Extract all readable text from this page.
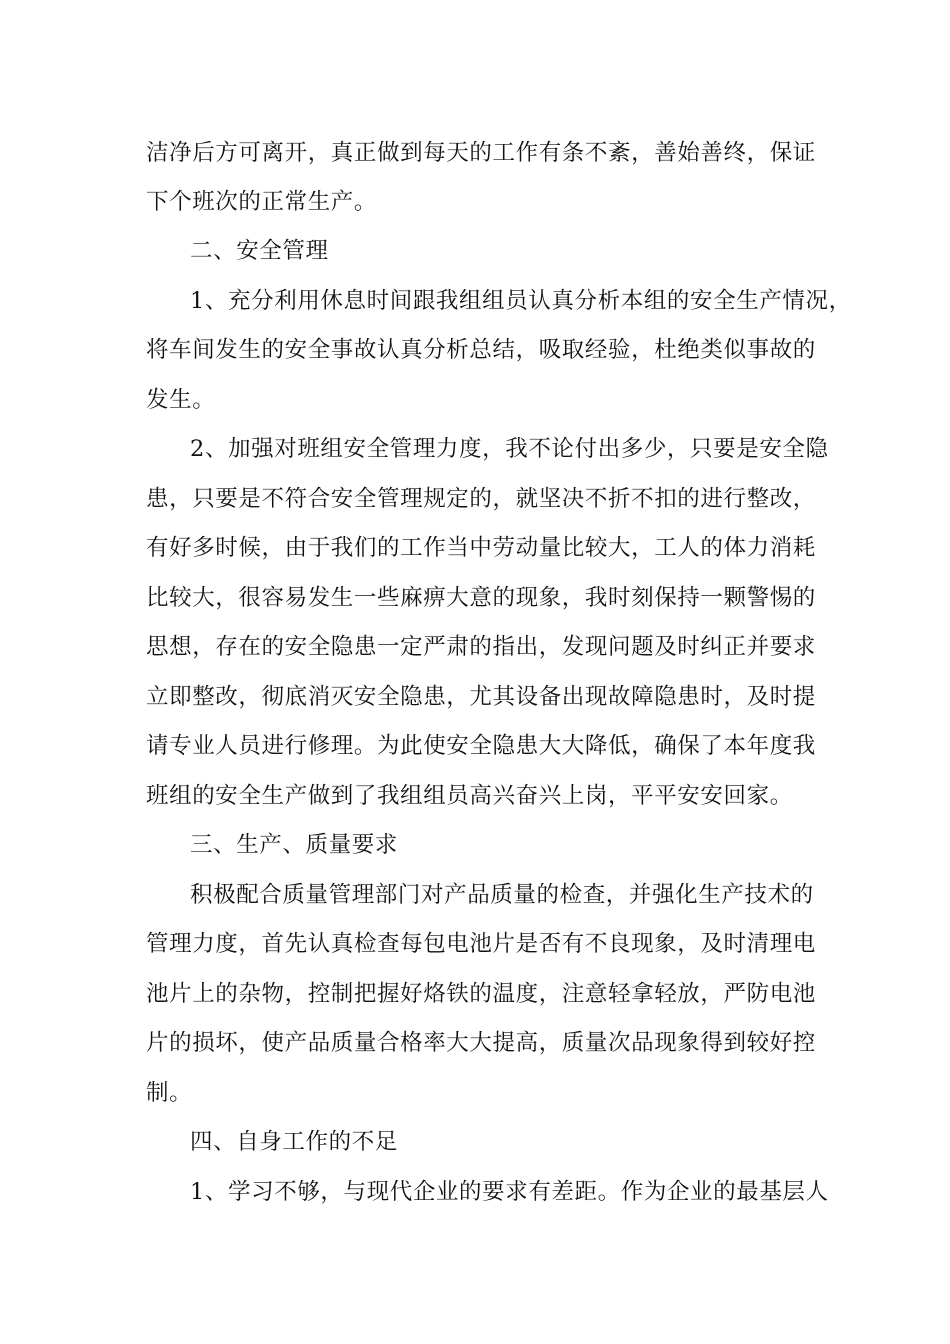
洁净后方可离开，真正做到每天的工作有条不紊，善始善终，保证
下个班次的正常生产。
二、安全管理
1、充分利用休息时间跟我组组员认真分析本组的安全生产情况，
将车间发生的安全事故认真分析总结，吸取经验，杜绝类似事故的
发生。
2、加强对班组安全管理力度，我不论付出多少，只要是安全隐
患，只要是不符合安全管理规定的，就坚决不折不扣的进行整改，
有好多时候，由于我们的工作当中劳动量比较大，工人的体力消耗
比较大，很容易发生一些麻痹大意的现象，我时刻保持一颗警惕的
思想，存在的安全隐患一定严肃的指出，发现问题及时纠正并要求
立即整改，彻底消灭安全隐患，尤其设备出现故障隐患时，及时提
请专业人员进行修理。为此使安全隐患大大降低，确保了本年度我
班组的安全生产做到了我组组员高兴奋兴上岗，平平安安回家。
三、生产、质量要求
积极配合质量管理部门对产品质量的检查，并强化生产技术的
管理力度，首先认真检查每包电池片是否有不良现象，及时清理电
池片上的杂物，控制把握好烙铁的温度，注意轻拿轻放，严防电池
片的损坏，使产品质量合格率大大提高，质量次品现象得到较好控
制。
四、自身工作的不足
1、学习不够，与现代企业的要求有差距。作为企业的最基层人
